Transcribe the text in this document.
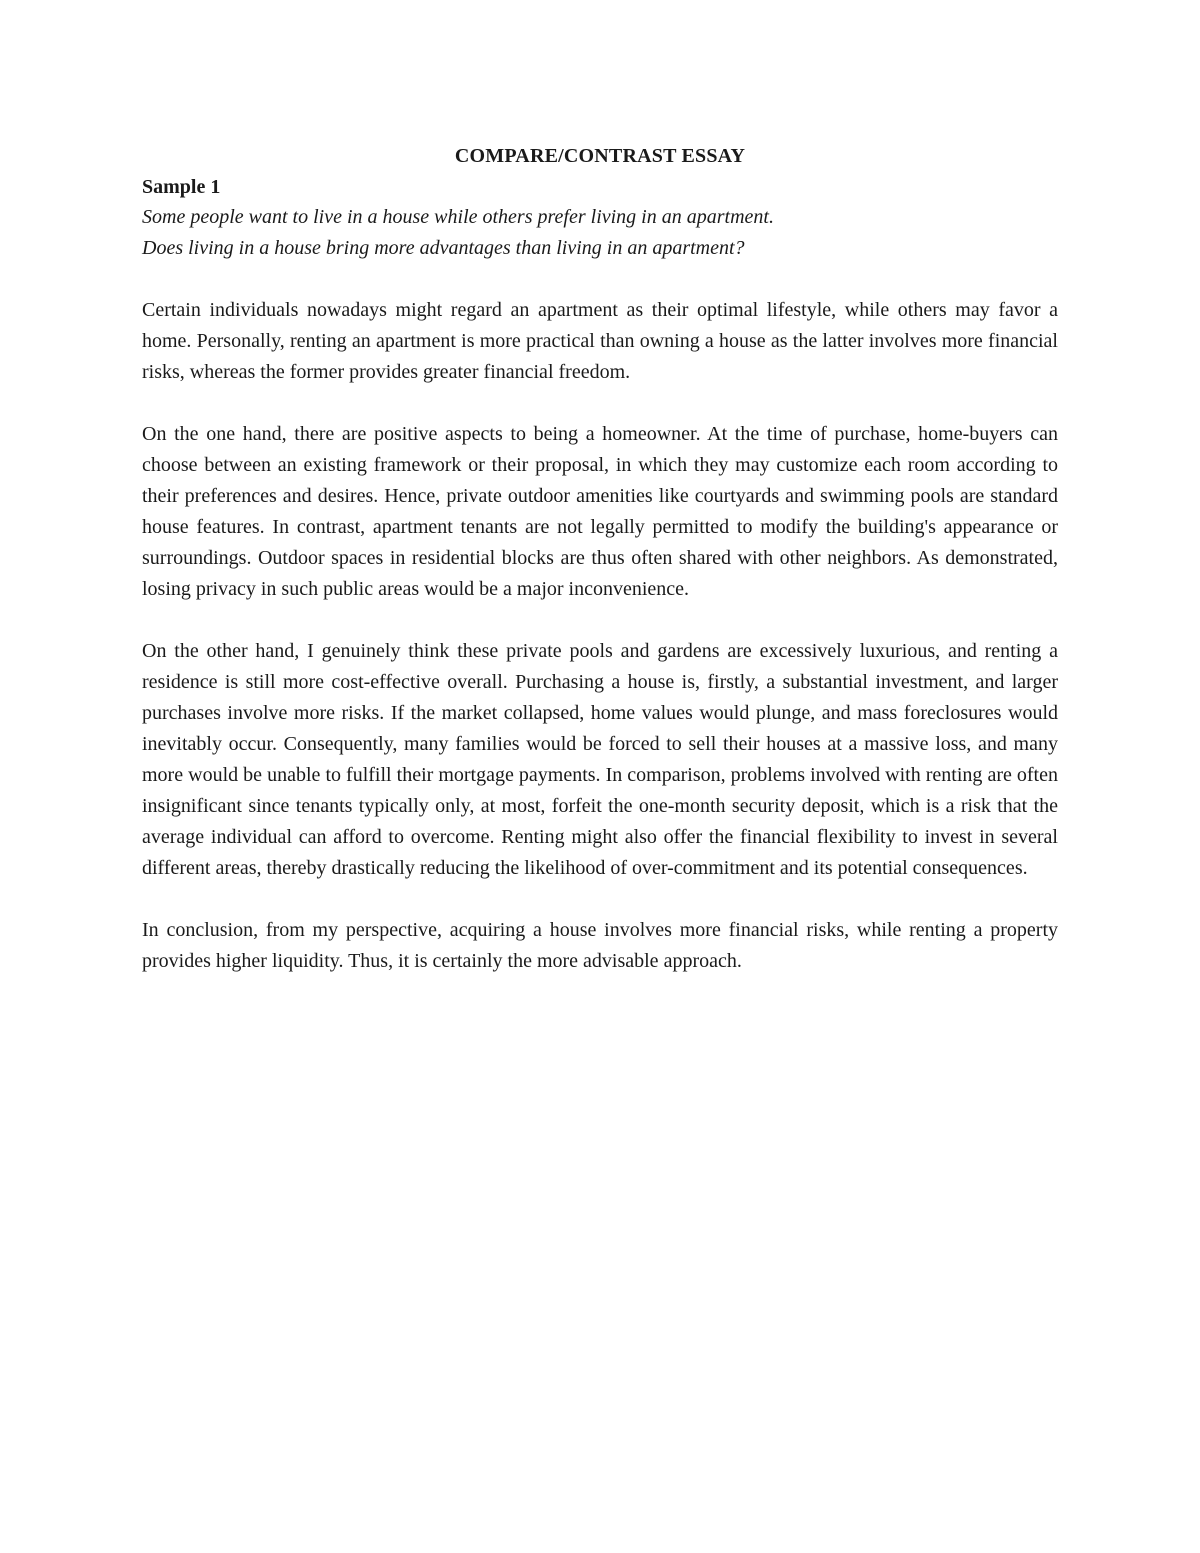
COMPARE/CONTRAST ESSAY
Sample 1

Some people want to live in a house while others prefer living in an apartment.

Does living in a house bring more advantages than living in an apartment?

Certain individuals nowadays might regard an apartment as their optimal lifestyle, while others may favor a home. Personally, renting an apartment is more practical than owning a house as the latter involves more financial risks, whereas the former provides greater financial freedom.

On the one hand, there are positive aspects to being a homeowner. At the time of purchase, home-buyers can choose between an existing framework or their proposal, in which they may customize each room according to their preferences and desires. Hence, private outdoor amenities like courtyards and swimming pools are standard house features. In contrast, apartment tenants are not legally permitted to modify the building's appearance or surroundings. Outdoor spaces in residential blocks are thus often shared with other neighbors. As demonstrated, losing privacy in such public areas would be a major inconvenience.

On the other hand, I genuinely think these private pools and gardens are excessively luxurious, and renting a residence is still more cost-effective overall. Purchasing a house is, firstly, a substantial investment, and larger purchases involve more risks. If the market collapsed, home values would plunge, and mass foreclosures would inevitably occur. Consequently, many families would be forced to sell their houses at a massive loss, and many more would be unable to fulfill their mortgage payments. In comparison, problems involved with renting are often insignificant since tenants typically only, at most, forfeit the one-month security deposit, which is a risk that the average individual can afford to overcome. Renting might also offer the financial flexibility to invest in several different areas, thereby drastically reducing the likelihood of over-commitment and its potential consequences.

In conclusion, from my perspective, acquiring a house involves more financial risks, while renting a property provides higher liquidity. Thus, it is certainly the more advisable approach.
